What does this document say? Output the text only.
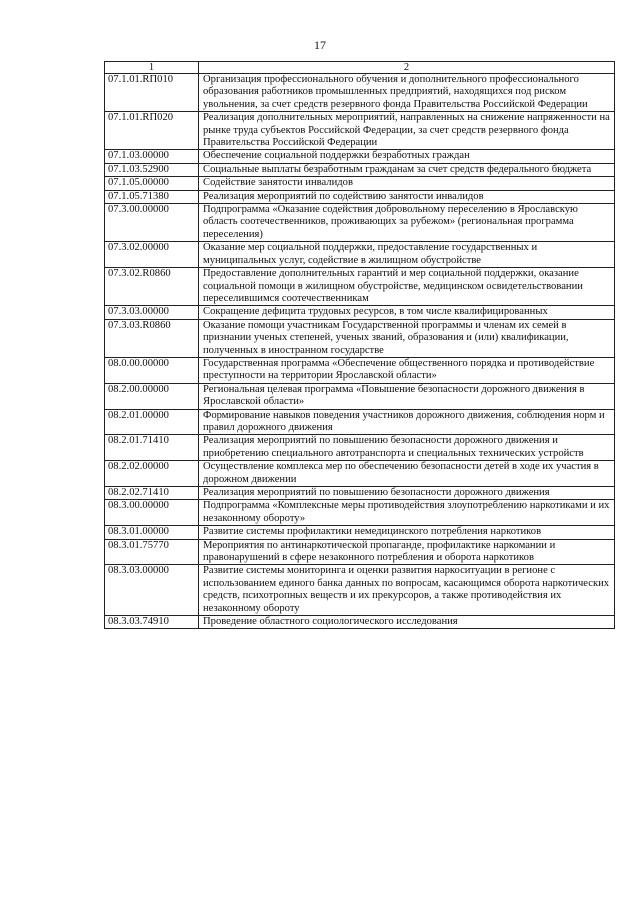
17
1	2
07.1.01.RП010	Организация профессионального обучения и дополнительного профессионального образования работников промышленных предприятий, находящихся под риском увольнения, за счет средств резервного фонда Правительства Российской Федерации
07.1.01.RП020	Реализация дополнительных мероприятий, направленных на снижение напряженности на рынке труда субъектов Российской Федерации, за счет средств резервного фонда Правительства Российской Федерации
07.1.03.00000	Обеспечение социальной поддержки безработных граждан
07.1.03.52900	Социальные выплаты безработным гражданам за счет средств федерального бюджета
07.1.05.00000	Содействие занятости инвалидов
07.1.05.71380	Реализация мероприятий по содействию занятости инвалидов
07.3.00.00000	Подпрограмма «Оказание содействия добровольному переселению в Ярославскую область соотечественников, проживающих за рубежом» (региональная программа переселения)
07.3.02.00000	Оказание мер социальной поддержки, предоставление государственных и муниципальных услуг, содействие в жилищном обустройстве
07.3.02.R0860	Предоставление дополнительных гарантий и мер социальной поддержки, оказание социальной помощи в жилищном обустройстве, медицинском освидетельствовании переселившимся соотечественникам
07.3.03.00000	Сокращение дефицита трудовых ресурсов, в том числе квалифицированных
07.3.03.R0860	Оказание помощи участникам Государственной программы и членам их семей в признании ученых степеней, ученых званий, образования и (или) квалификации, полученных в иностранном государстве
08.0.00.00000	Государственная программа «Обеспечение общественного порядка и противодействие преступности на территории Ярославской области»
08.2.00.00000	Региональная целевая программа «Повышение безопасности дорожного движения в Ярославской области»
08.2.01.00000	Формирование навыков поведения участников дорожного движения, соблюдения норм и правил дорожного движения
08.2.01.71410	Реализация мероприятий по повышению безопасности дорожного движения и приобретению специального автотранспорта и специальных технических устройств
08.2.02.00000	Осуществление комплекса мер по обеспечению безопасности детей в ходе их участия в дорожном движении
08.2.02.71410	Реализация мероприятий по повышению безопасности дорожного движения
08.3.00.00000	Подпрограмма «Комплексные меры противодействия злоупотреблению наркотиками и их незаконному обороту»
08.3.01.00000	Развитие системы профилактики немедицинского потребления наркотиков
08.3.01.75770	Мероприятия по антинаркотической пропаганде, профилактике наркомании и правонарушений в сфере незаконного потребления и оборота наркотиков
08.3.03.00000	Развитие системы мониторинга и оценки развития наркоситуации в регионе с использованием единого банка данных по вопросам, касающимся оборота наркотических средств, психотропных веществ и их прекурсоров, а также противодействия их незаконному обороту
08.3.03.74910	Проведение областного социологического исследования
